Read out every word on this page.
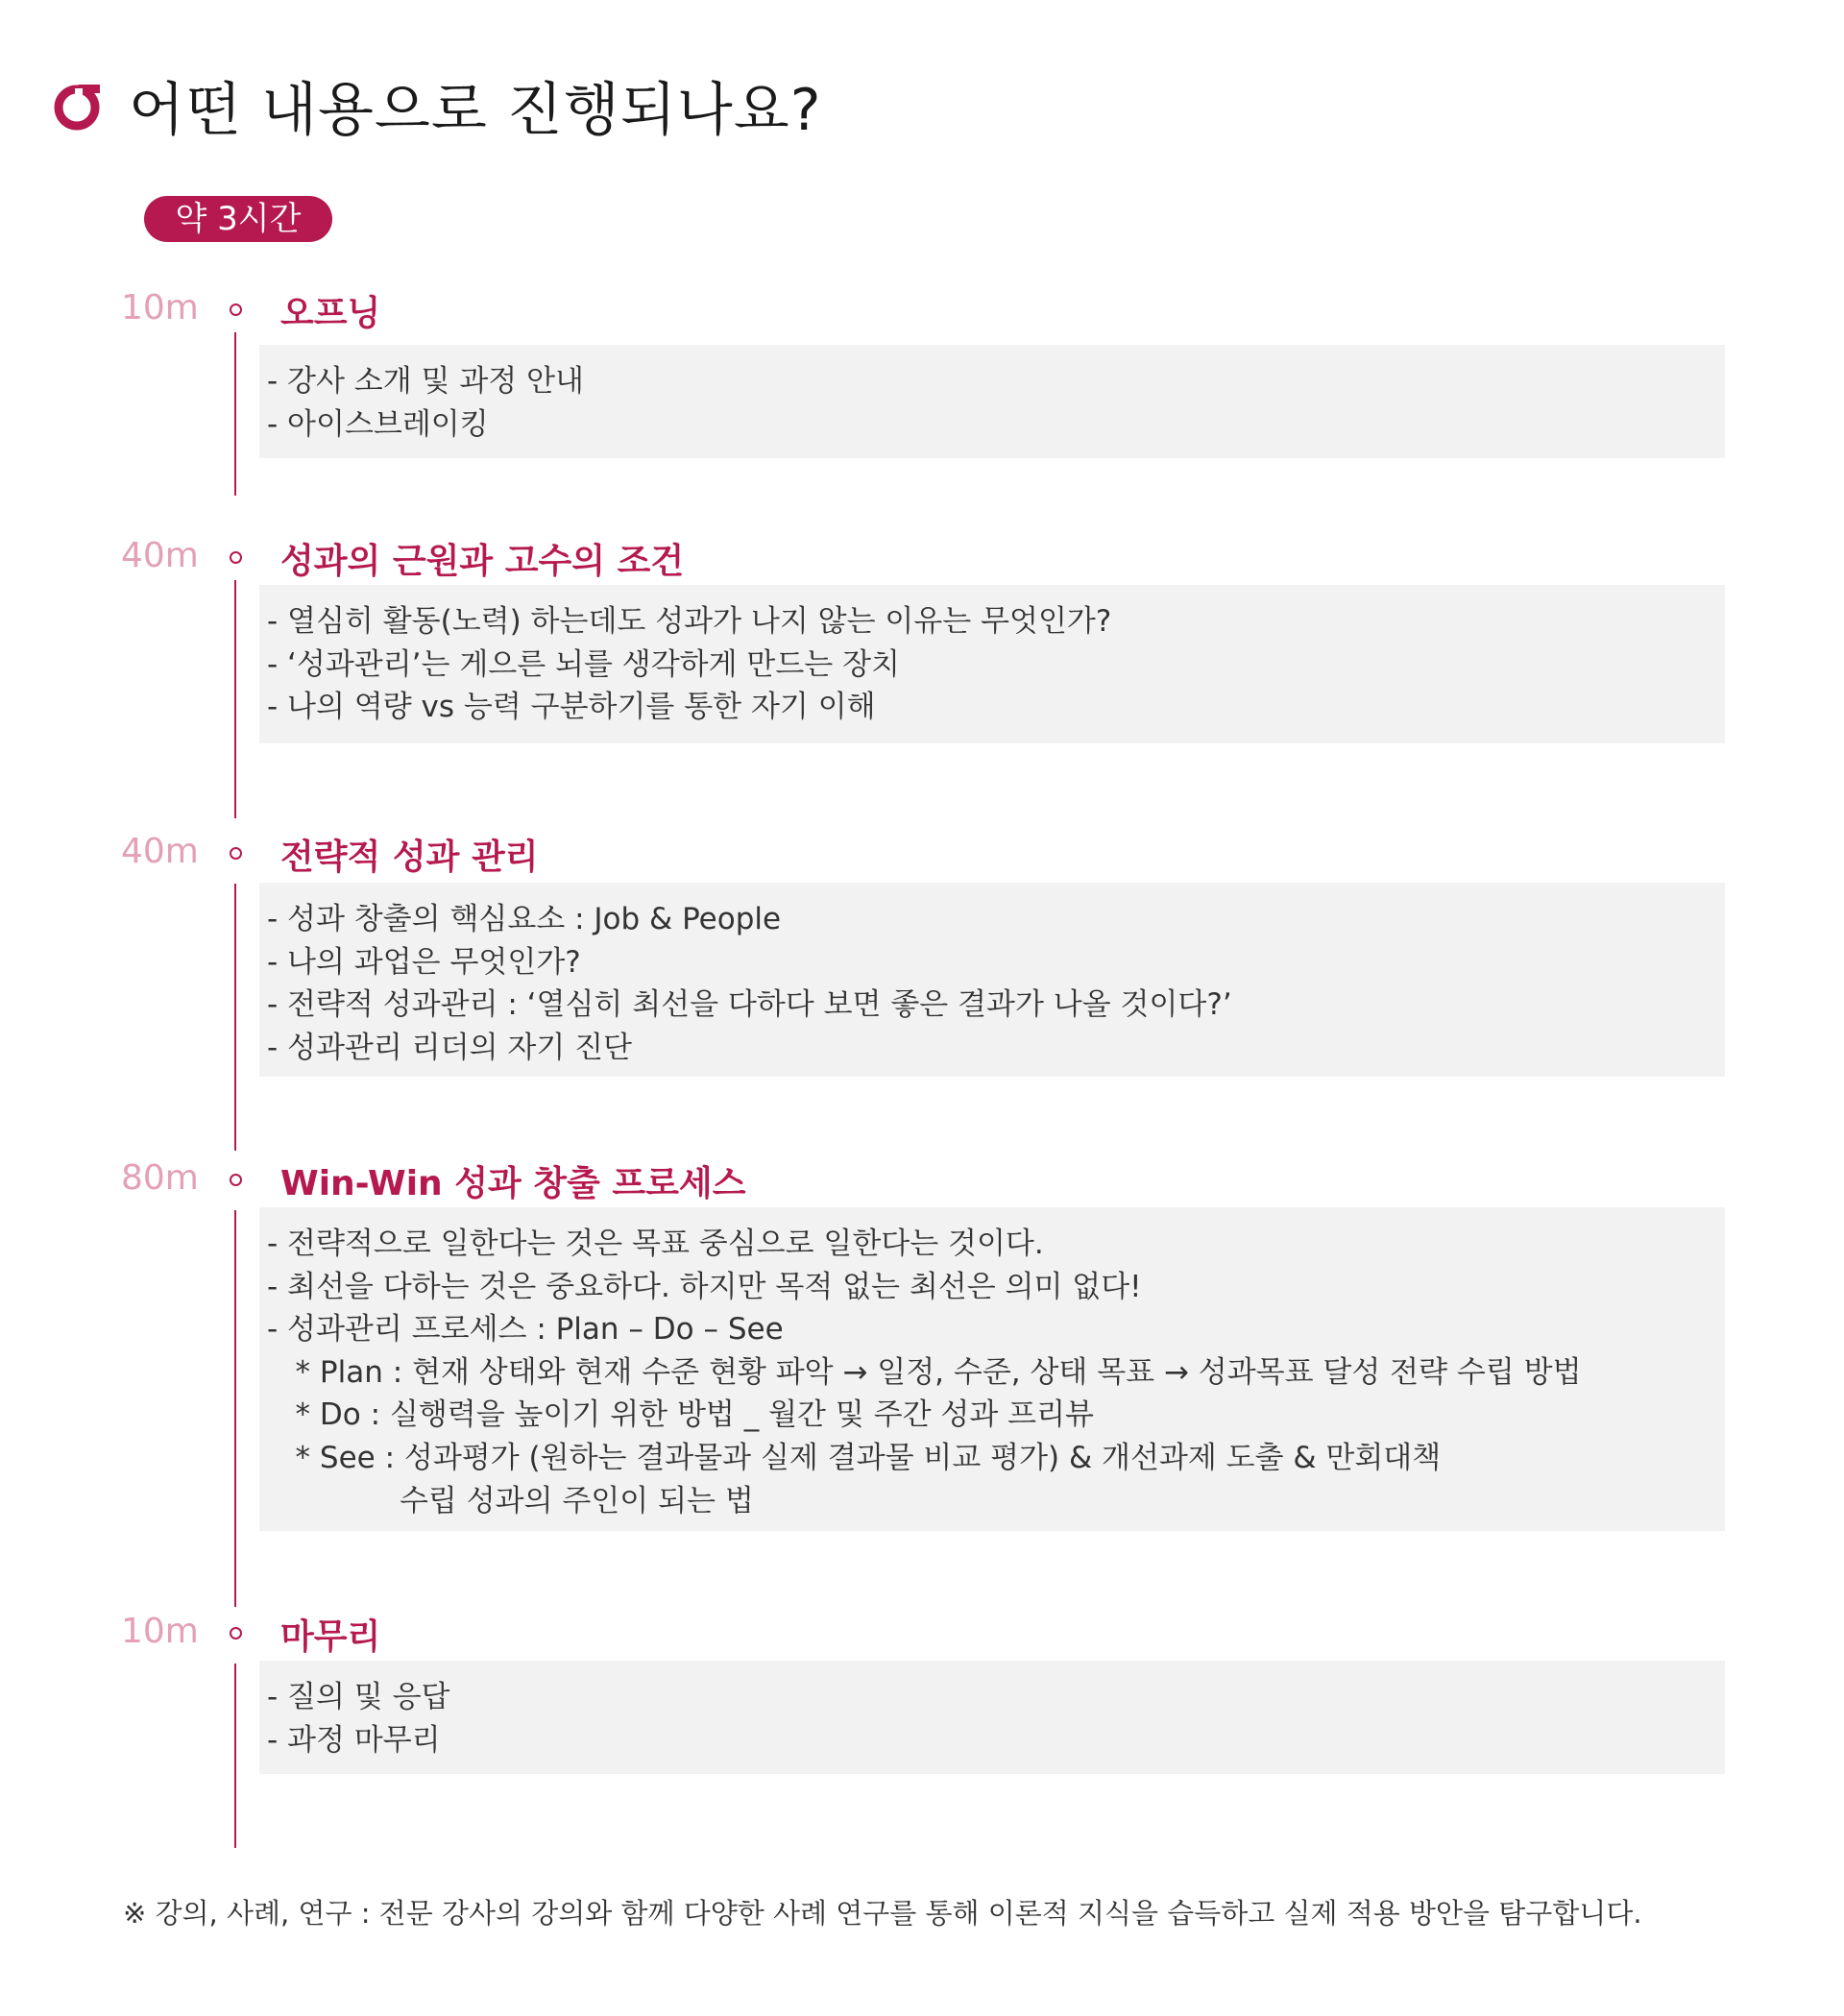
어떤 내용으로 진행되나요?
약 3시간
10m	오프닝
- 강사 소개 및 과정 안내
- 아이스브레이킹
40m	성과의 근원과 고수의 조건
- 열심히 활동(노력) 하는데도 성과가 나지 않는 이유는 무엇인가?
- ‘성과관리’는 게으른 뇌를 생각하게 만드는 장치
- 나의 역량 vs 능력 구분하기를 통한 자기 이해
40m	전략적 성과 관리
- 성과 창출의 핵심요소 : Job & People
- 나의 과업은 무엇인가?
- 전략적 성과관리 : ‘열심히 최선을 다하다 보면 좋은 결과가 나올 것이다?’
- 성과관리 리더의 자기 진단
80m	Win-Win 성과 창출 프로세스
- 전략적으로 일한다는 것은 목표 중심으로 일한다는 것이다.
- 최선을 다하는 것은 중요하다. 하지만 목적 없는 최선은 의미 없다!
- 성과관리 프로세스 : Plan – Do – See
* Plan : 현재 상태와 현재 수준 현황 파악 → 일정, 수준, 상태 목표 → 성과목표 달성 전략 수립 방법
* Do : 실행력을 높이기 위한 방법 _ 월간 및 주간 성과 프리뷰
* See : 성과평가 (원하는 결과물과 실제 결과물 비교 평가) & 개선과제 도출 & 만회대책
수립 성과의 주인이 되는 법
10m	마무리
- 질의 및 응답
- 과정 마무리
※ 강의, 사례, 연구 : 전문 강사의 강의와 함께 다양한 사례 연구를 통해 이론적 지식을 습득하고 실제 적용 방안을 탐구합니다.
